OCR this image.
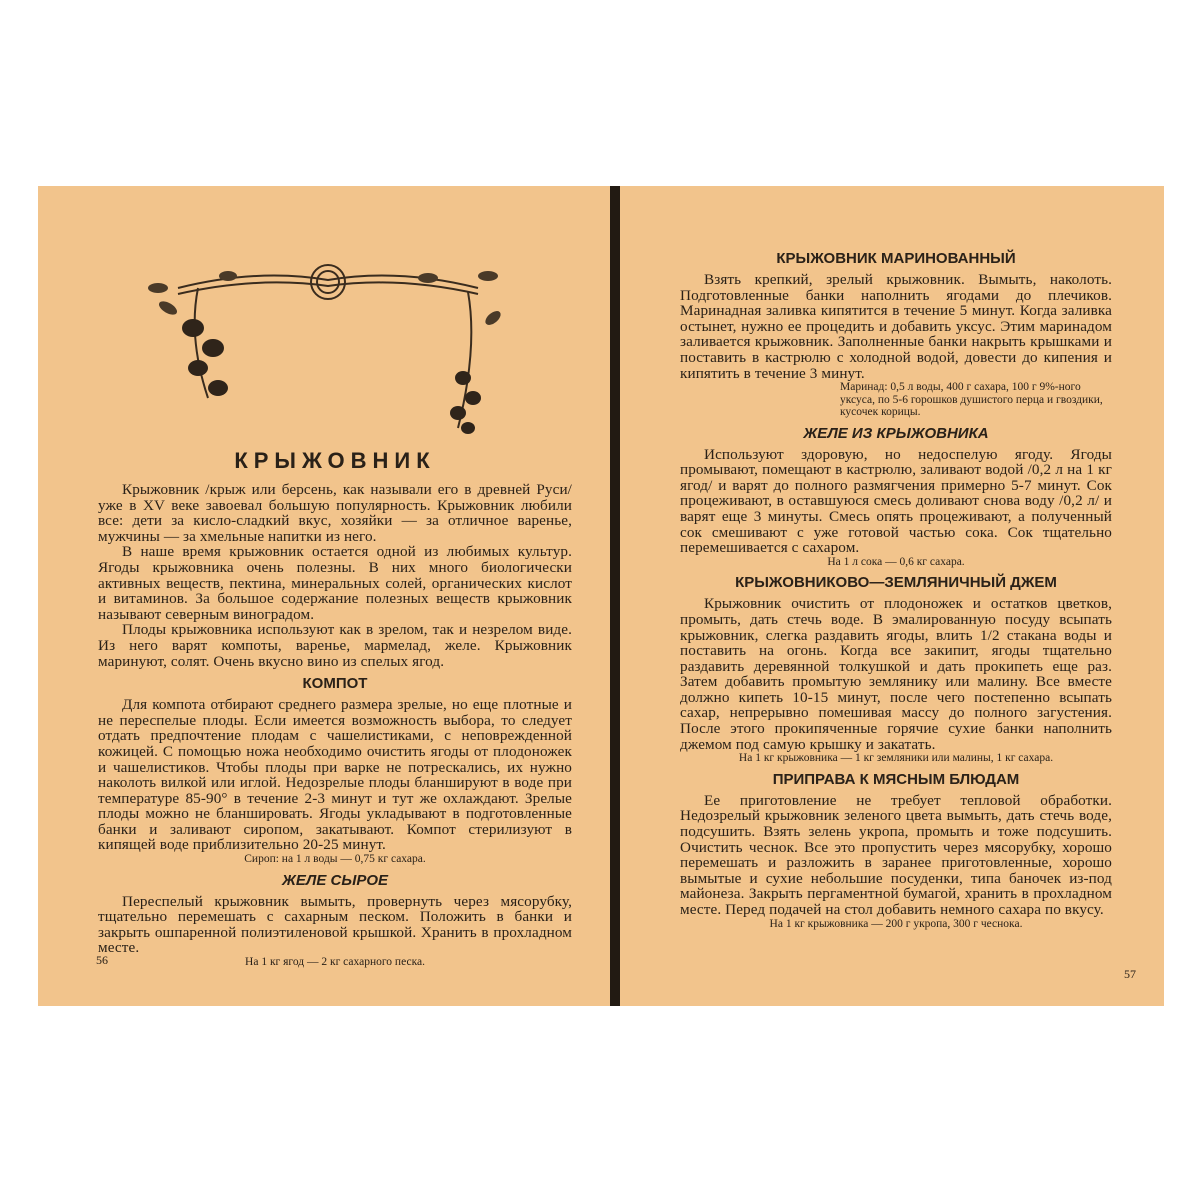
КРЫЖОВНИК

Крыжовник /крыж или берсень, как называли его в древней Руси/ уже в XV веке завоевал большую популярность. Крыжовник любили все: дети за кисло-сладкий вкус, хозяйки — за отличное варенье, мужчины — за хмельные напитки из него.

В наше время крыжовник остается одной из любимых культур. Ягоды крыжовника очень полезны. В них много биологически активных веществ, пектина, минеральных солей, органических кислот и витаминов. За большое содержание полезных веществ крыжовник называют северным виноградом.

Плоды крыжовника используют как в зрелом, так и незрелом виде. Из него варят компоты, варенье, мармелад, желе. Крыжовник маринуют, солят. Очень вкусно вино из спелых ягод.

КОМПОТ

Для компота отбирают среднего размера зрелые, но еще плотные и не переспелые плоды. Если имеется возможность выбора, то следует отдать предпочтение плодам с чашелистиками, с неповрежденной кожицей. С помощью ножа необходимо очистить ягоды от плодоножек и чашелистиков. Чтобы плоды при варке не потрескались, их нужно наколоть вилкой или иглой. Недозрелые плоды бланшируют в воде при температуре 85-90° в течение 2-3 минут и тут же охлаждают. Зрелые плоды можно не бланшировать. Ягоды укладывают в подготовленные банки и заливают сиропом, закатывают. Компот стерилизуют в кипящей воде приблизительно 20-25 минут.

Сироп: на 1 л воды — 0,75 кг сахара.
ЖЕЛЕ СЫРОЕ

Переспелый крыжовник вымыть, провернуть через мясорубку, тщательно перемешать с сахарным песком. Положить в банки и закрыть ошпаренной полиэтиленовой крышкой. Хранить в прохладном месте.

На 1 кг ягод — 2 кг сахарного песка.
56
КРЫЖОВНИК МАРИНОВАННЫЙ

Взять крепкий, зрелый крыжовник. Вымыть, наколоть. Подготовленные банки наполнить ягодами до плечиков. Маринадная заливка кипятится в течение 5 минут. Когда заливка остынет, нужно ее процедить и добавить уксус. Этим маринадом заливается крыжовник. Заполненные банки накрыть крышками и поставить в кастрюлю с холодной водой, довести до кипения и кипятить в течение 3 минут.

Маринад: 0,5 л воды, 400 г сахара, 100 г 9%-ного уксуса, по 5-6 горошков душистого перца и гвоздики, кусочек корицы.
ЖЕЛЕ ИЗ КРЫЖОВНИКА

Используют здоровую, но недоспелую ягоду. Ягоды промывают, помещают в кастрюлю, заливают водой /0,2 л на 1 кг ягод/ и варят до полного размягчения примерно 5-7 минут. Сок процеживают, в оставшуюся смесь доливают снова воду /0,2 л/ и варят еще 3 минуты. Смесь опять процеживают, а полученный сок смешивают с уже готовой частью сока. Сок тщательно перемешивается с сахаром.

На 1 л сока — 0,6 кг сахара.
КРЫЖОВНИКОВО—ЗЕМЛЯНИЧНЫЙ ДЖЕМ

Крыжовник очистить от плодоножек и остатков цветков, промыть, дать стечь воде. В эмалированную посуду всыпать крыжовник, слегка раздавить ягоды, влить 1/2 стакана воды и поставить на огонь. Когда все закипит, ягоды тщательно раздавить деревянной толкушкой и дать прокипеть еще раз. Затем добавить промытую землянику или малину. Все вместе должно кипеть 10-15 минут, после чего постепенно всыпать сахар, непрерывно помешивая массу до полного загустения. После этого прокипяченные горячие сухие банки наполнить джемом под самую крышку и закатать.

На 1 кг крыжовника — 1 кг земляники или малины, 1 кг сахара.
ПРИПРАВА К МЯСНЫМ БЛЮДАМ

Ее приготовление не требует тепловой обработки. Недозрелый крыжовник зеленого цвета вымыть, дать стечь воде, подсушить. Взять зелень укропа, промыть и тоже подсушить. Очистить чеснок. Все это пропустить через мясорубку, хорошо перемешать и разложить в заранее приготовленные, хорошо вымытые и сухие небольшие посуденки, типа баночек из-под майонеза. Закрыть пергаментной бумагой, хранить в прохладном месте. Перед подачей на стол добавить немного сахара по вкусу.

На 1 кг крыжовника — 200 г укропа, 300 г чеснока.
57
